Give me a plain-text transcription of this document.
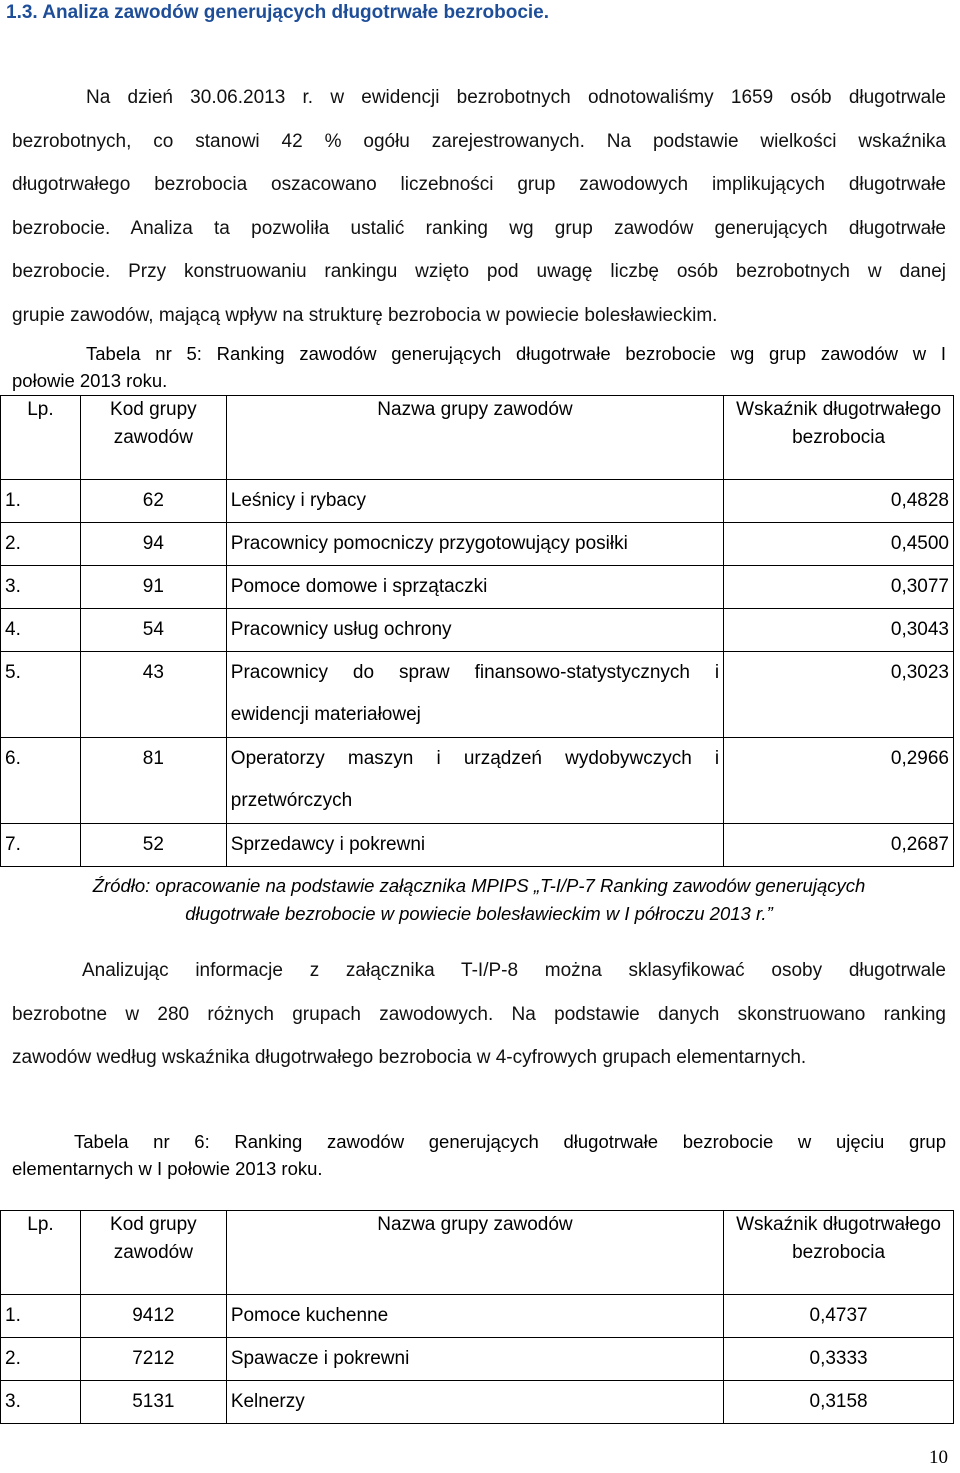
1.3. Analiza zawodów generujących długotrwałe bezrobocie.
Na dzień 30.06.2013 r. w ewidencji bezrobotnych odnotowaliśmy 1659 osób długotrwale
bezrobotnych, co stanowi 42 % ogółu zarejestrowanych. Na podstawie wielkości wskaźnika
długotrwałego bezrobocia oszacowano liczebności grup zawodowych implikujących długotrwałe
bezrobocie. Analiza ta pozwoliła ustalić ranking wg grup zawodów generujących długotrwałe
bezrobocie. Przy konstruowaniu rankingu wzięto pod uwagę liczbę osób bezrobotnych w danej
grupie zawodów, mającą wpływ na strukturę bezrobocia w powiecie bolesławieckim.
Tabela nr 5: Ranking zawodów generujących długotrwałe bezrobocie wg grup zawodów w I
połowie 2013 roku.
Lp.	Kod grupy zawodów	Nazwa grupy zawodów	Wskaźnik długotrwałego bezrobocia
1.	62	Leśnicy i rybacy	0,4828
2.	94	Pracownicy pomocniczy przygotowujący posiłki	0,4500
3.	91	Pomoce domowe i sprzątaczki	0,3077
4.	54	Pracownicy usług ochrony	0,3043
5.	43	Pracownicy do spraw finansowo-statystycznych i
ewidencji materiałowej	0,3023
6.	81	Operatorzy maszyn i urządzeń wydobywczych i
przetwórczych	0,2966
7.	52	Sprzedawcy i pokrewni	0,2687
Źródło: opracowanie na podstawie załącznika MPIPS „T-I/P-7 Ranking zawodów generujących
długotrwałe bezrobocie w powiecie bolesławieckim w I półroczu 2013 r.”
Analizując informacje z załącznika T-I/P-8 można sklasyfikować osoby długotrwale
bezrobotne w 280 różnych grupach zawodowych. Na podstawie danych skonstruowano ranking
zawodów według wskaźnika długotrwałego bezrobocia w 4-cyfrowych grupach elementarnych.
Tabela nr 6: Ranking zawodów generujących długotrwałe bezrobocie w ujęciu grup
elementarnych w I połowie 2013 roku.
Lp.	Kod grupy zawodów	Nazwa grupy zawodów	Wskaźnik długotrwałego bezrobocia
1.	9412	Pomoce kuchenne	0,4737
2.	7212	Spawacze i pokrewni	0,3333
3.	5131	Kelnerzy	0,3158
10
